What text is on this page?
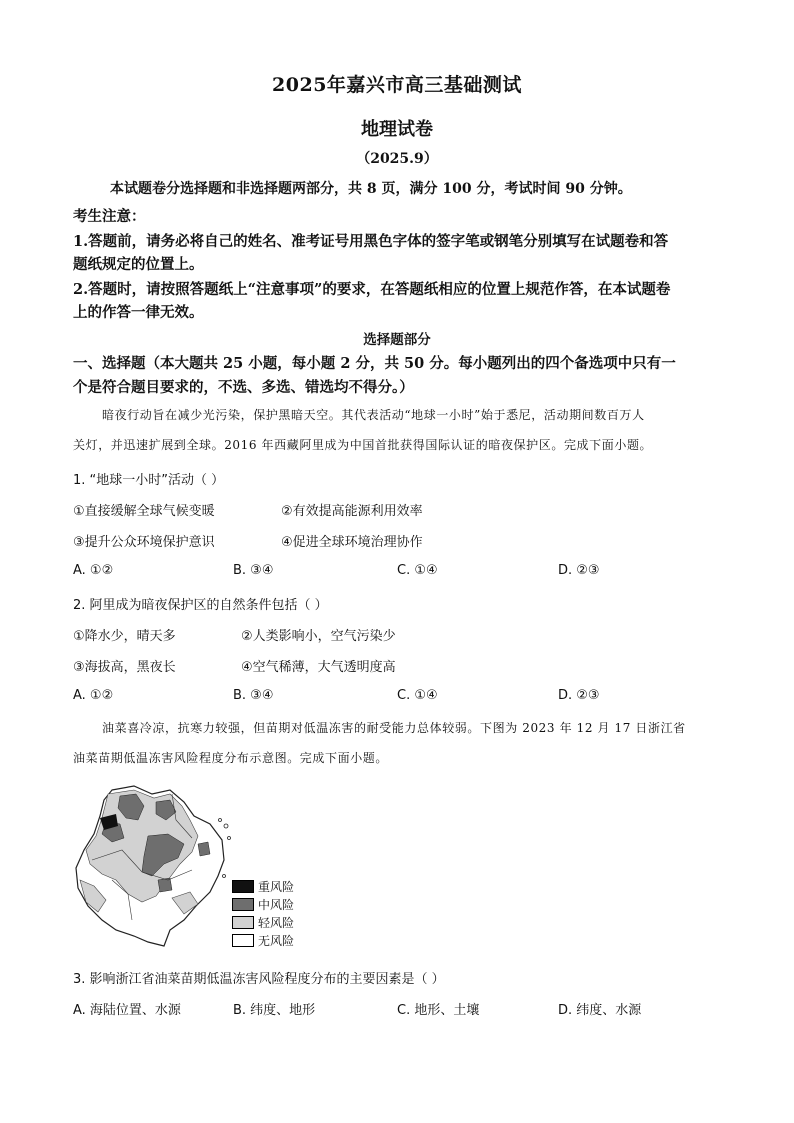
2025年嘉兴市高三基础测试
地理试卷
（2025.9）
本试题卷分选择题和非选择题两部分，共 8 页，满分 100 分，考试时间 90 分钟。
考生注意：
1.答题前，请务必将自己的姓名、准考证号用黑色字体的签字笔或钢笔分别填写在试题卷和答
题纸规定的位置上。
2.答题时，请按照答题纸上“注意事项”的要求，在答题纸相应的位置上规范作答，在本试题卷
上的作答一律无效。
选择题部分
一、选择题（本大题共 25 小题，每小题 2 分，共 50 分。每小题列出的四个备选项中只有一
个是符合题目要求的，不选、多选、错选均不得分。）
暗夜行动旨在减少光污染，保护黑暗天空。其代表活动“地球一小时”始于悉尼，活动期间数百万人
关灯，并迅速扩展到全球。2016 年西藏阿里成为中国首批获得国际认证的暗夜保护区。完成下面小题。
1. “地球一小时”活动（ ）
①直接缓解全球气候变暖	②有效提高能源利用效率
③提升公众环境保护意识	④促进全球环境治理协作
A. ①②	B. ③④	C. ①④	D. ②③
2. 阿里成为暗夜保护区的自然条件包括（ ）
①降水少，晴天多	②人类影响小，空气污染少
③海拔高，黑夜长	④空气稀薄，大气透明度高
A. ①②	B. ③④	C. ①④	D. ②③
油菜喜冷凉，抗寒力较强，但苗期对低温冻害的耐受能力总体较弱。下图为 2023 年 12 月 17 日浙江省
油菜苗期低温冻害风险程度分布示意图。完成下面小题。
重风险
中风险
轻风险
无风险
3. 影响浙江省油菜苗期低温冻害风险程度分布的主要因素是（ ）
A. 海陆位置、水源	B. 纬度、地形	C. 地形、土壤	D. 纬度、水源
